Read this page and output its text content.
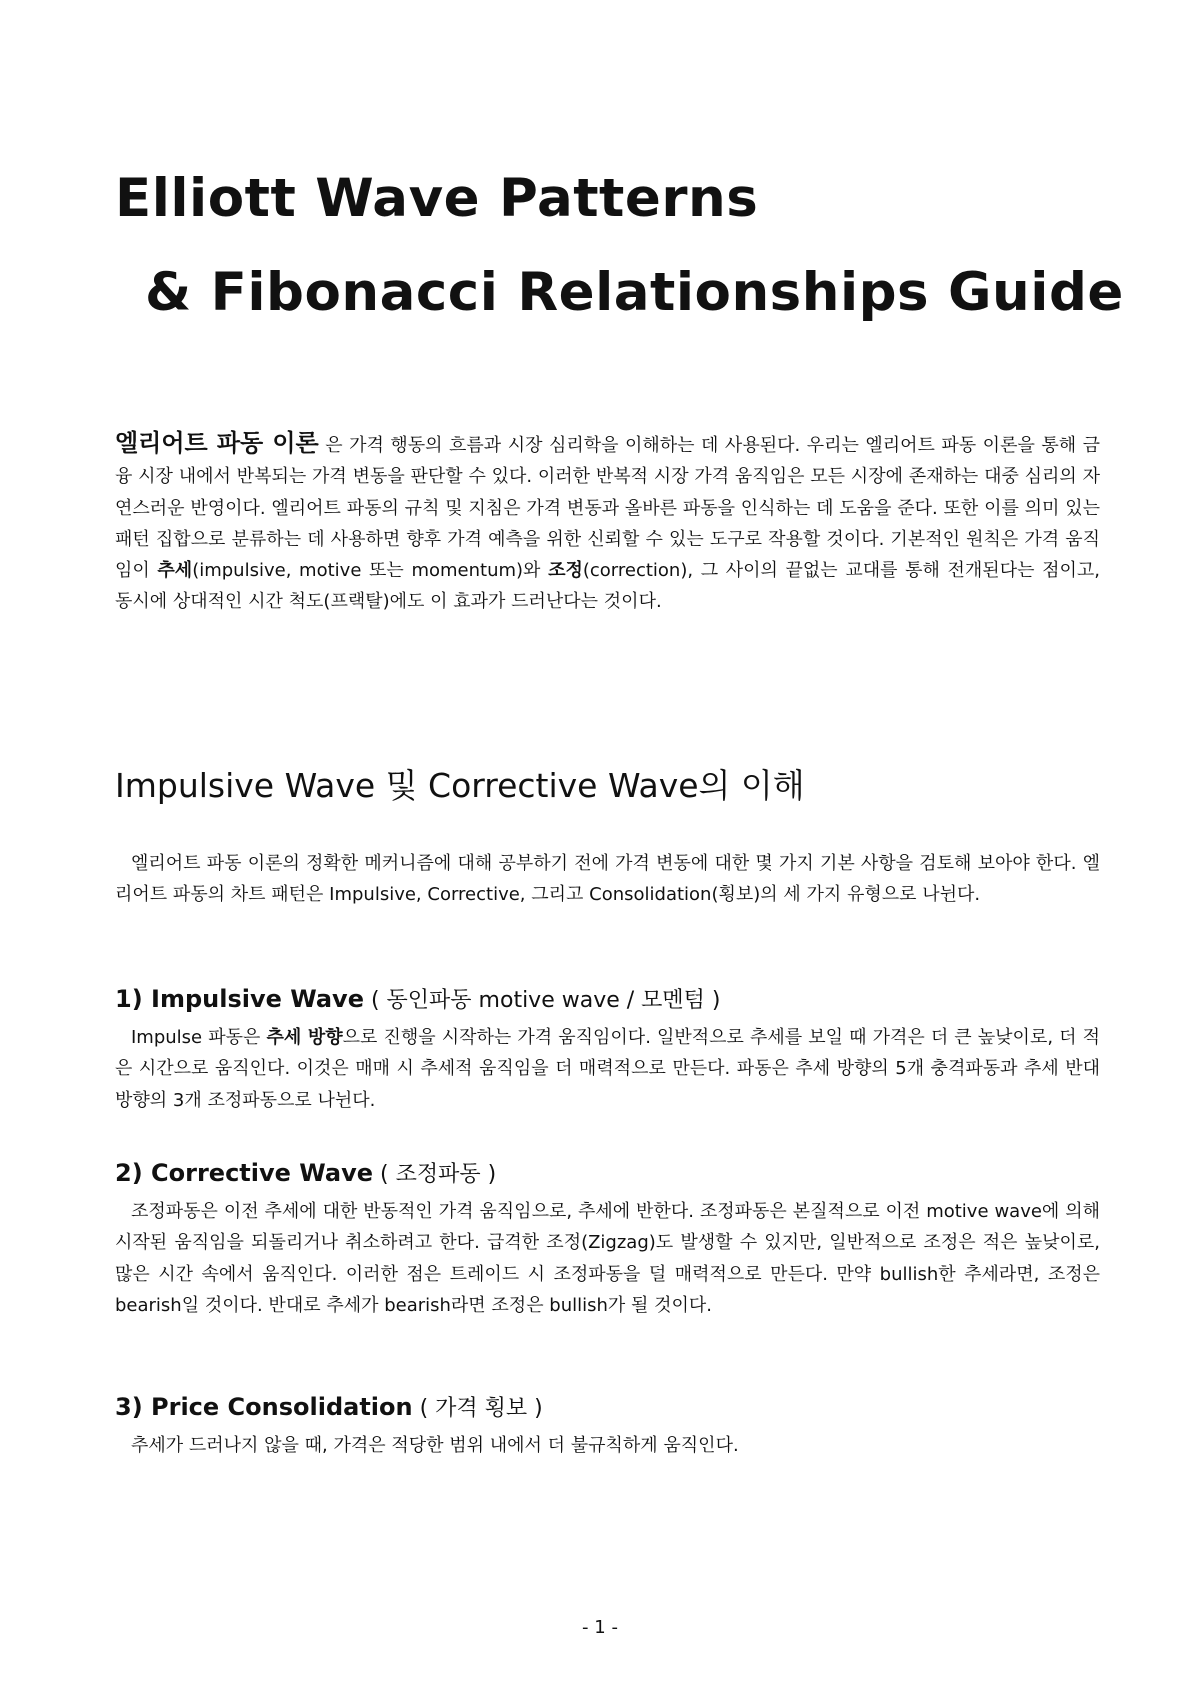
Elliott Wave Patterns
& Fibonacci Relationships Guide
엘리어트 파동 이론 은 가격 행동의 흐름과 시장 심리학을 이해하는 데 사용된다. 우리는 엘리어트 파동 이론을 통해 금융 시장 내에서 반복되는 가격 변동을 판단할 수 있다. 이러한 반복적 시장 가격 움직임은 모든 시장에 존재하는 대중 심리의 자연스러운 반영이다. 엘리어트 파동의 규칙 및 지침은 가격 변동과 올바른 파동을 인식하는 데 도움을 준다. 또한 이를 의미 있는 패턴 집합으로 분류하는 데 사용하면 향후 가격 예측을 위한 신뢰할 수 있는 도구로 작용할 것이다. 기본적인 원칙은 가격 움직임이 추세(impulsive, motive 또는 momentum)와 조정(correction), 그 사이의 끝없는 교대를 통해 전개된다는 점이고, 동시에 상대적인 시간 척도(프랙탈)에도 이 효과가 드러난다는 것이다.
Impulsive Wave 및 Corrective Wave의 이해
엘리어트 파동 이론의 정확한 메커니즘에 대해 공부하기 전에 가격 변동에 대한 몇 가지 기본 사항을 검토해 보아야 한다. 엘리어트 파동의 차트 패턴은 Impulsive, Corrective, 그리고 Consolidation(횡보)의 세 가지 유형으로 나뉜다.
1) Impulsive Wave ( 동인파동 motive wave / 모멘텀 )
Impulse 파동은 추세 방향으로 진행을 시작하는 가격 움직임이다. 일반적으로 추세를 보일 때 가격은 더 큰 높낮이로, 더 적은 시간으로 움직인다. 이것은 매매 시 추세적 움직임을 더 매력적으로 만든다. 파동은 추세 방향의 5개 충격파동과 추세 반대 방향의 3개 조정파동으로 나뉜다.
2) Corrective Wave ( 조정파동 )
조정파동은 이전 추세에 대한 반동적인 가격 움직임으로, 추세에 반한다. 조정파동은 본질적으로 이전 motive wave에 의해 시작된 움직임을 되돌리거나 취소하려고 한다. 급격한 조정(Zigzag)도 발생할 수 있지만, 일반적으로 조정은 적은 높낮이로, 많은 시간 속에서 움직인다. 이러한 점은 트레이드 시 조정파동을 덜 매력적으로 만든다. 만약 bullish한 추세라면, 조정은 bearish일 것이다. 반대로 추세가 bearish라면 조정은 bullish가 될 것이다.
3) Price Consolidation ( 가격 횡보 )
추세가 드러나지 않을 때, 가격은 적당한 범위 내에서 더 불규칙하게 움직인다.
- 1 -
